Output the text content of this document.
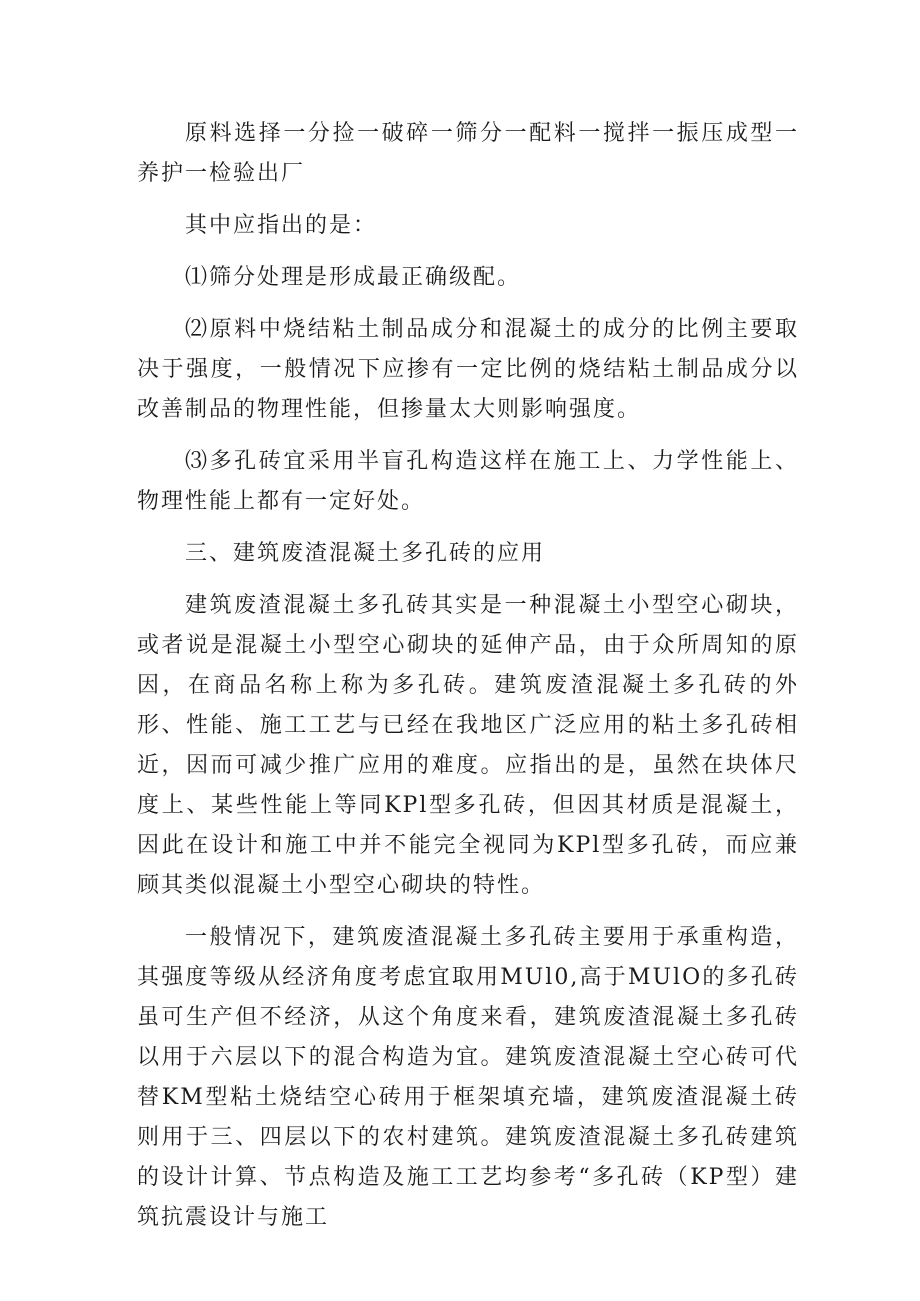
原料选择一分捡一破碎一筛分一配料一搅拌一振压成型一养护一检验出厂

其中应指出的是：

⑴筛分处理是形成最正确级配。

⑵原料中烧结粘土制品成分和混凝土的成分的比例主要取决于强度，一般情况下应掺有一定比例的烧结粘土制品成分以改善制品的物理性能，但掺量太大则影响强度。

⑶多孔砖宜采用半盲孔构造这样在施工上、力学性能上、物理性能上都有一定好处。

三、建筑废渣混凝土多孔砖的应用

建筑废渣混凝土多孔砖其实是一种混凝土小型空心砌块，或者说是混凝土小型空心砌块的延伸产品，由于众所周知的原因，在商品名称上称为多孔砖。建筑废渣混凝土多孔砖的外形、性能、施工工艺与已经在我地区广泛应用的粘土多孔砖相近，因而可减少推广应用的难度。应指出的是，虽然在块体尺度上、某些性能上等同KPl型多孔砖，但因其材质是混凝土，因此在设计和施工中并不能完全视同为KPl型多孔砖，而应兼顾其类似混凝土小型空心砌块的特性。

一般情况下，建筑废渣混凝土多孔砖主要用于承重构造，其强度等级从经济角度考虑宜取用MUl0,高于MUlO的多孔砖虽可生产但不经济，从这个角度来看，建筑废渣混凝土多孔砖以用于六层以下的混合构造为宜。建筑废渣混凝土空心砖可代替KM型粘土烧结空心砖用于框架填充墙，建筑废渣混凝土砖则用于三、四层以下的农村建筑。建筑废渣混凝土多孔砖建筑的设计计算、节点构造及施工工艺均参考“多孔砖（KP型）建筑抗震设计与施工
